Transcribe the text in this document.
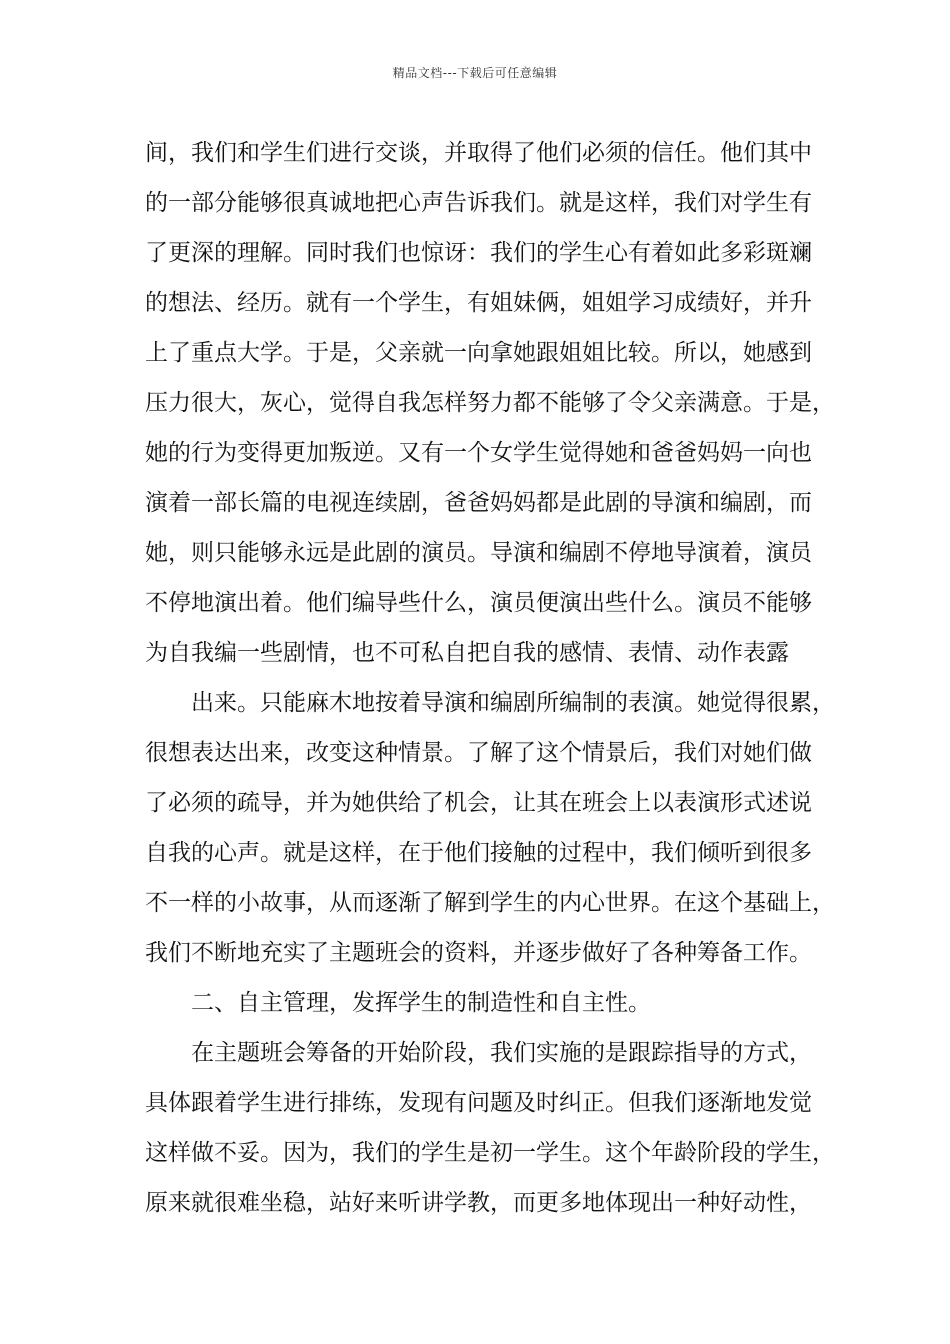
精品文档---下载后可任意编辑
间，我们和学生们进行交谈，并取得了他们必须的信任。他们其中
的一部分能够很真诚地把心声告诉我们。就是这样，我们对学生有
了更深的理解。同时我们也惊讶：我们的学生心有着如此多彩斑斓
的想法、经历。就有一个学生，有姐妹俩，姐姐学习成绩好，并升
上了重点大学。于是，父亲就一向拿她跟姐姐比较。所以，她感到
压力很大，灰心，觉得自我怎样努力都不能够了令父亲满意。于是，
她的行为变得更加叛逆。又有一个女学生觉得她和爸爸妈妈一向也
演着一部长篇的电视连续剧，爸爸妈妈都是此剧的导演和编剧，而
她，则只能够永远是此剧的演员。导演和编剧不停地导演着，演员
不停地演出着。他们编导些什么，演员便演出些什么。演员不能够
为自我编一些剧情，也不可私自把自我的感情、表情、动作表露
出来。只能麻木地按着导演和编剧所编制的表演。她觉得很累，
很想表达出来，改变这种情景。了解了这个情景后，我们对她们做
了必须的疏导，并为她供给了机会，让其在班会上以表演形式述说
自我的心声。就是这样，在于他们接触的过程中，我们倾听到很多
不一样的小故事，从而逐渐了解到学生的内心世界。在这个基础上，
我们不断地充实了主题班会的资料，并逐步做好了各种筹备工作。
二、自主管理，发挥学生的制造性和自主性。
在主题班会筹备的开始阶段，我们实施的是跟踪指导的方式，
具体跟着学生进行排练，发现有问题及时纠正。但我们逐渐地发觉
这样做不妥。因为，我们的学生是初一学生。这个年龄阶段的学生，
原来就很难坐稳，站好来听讲学教，而更多地体现出一种好动性，
